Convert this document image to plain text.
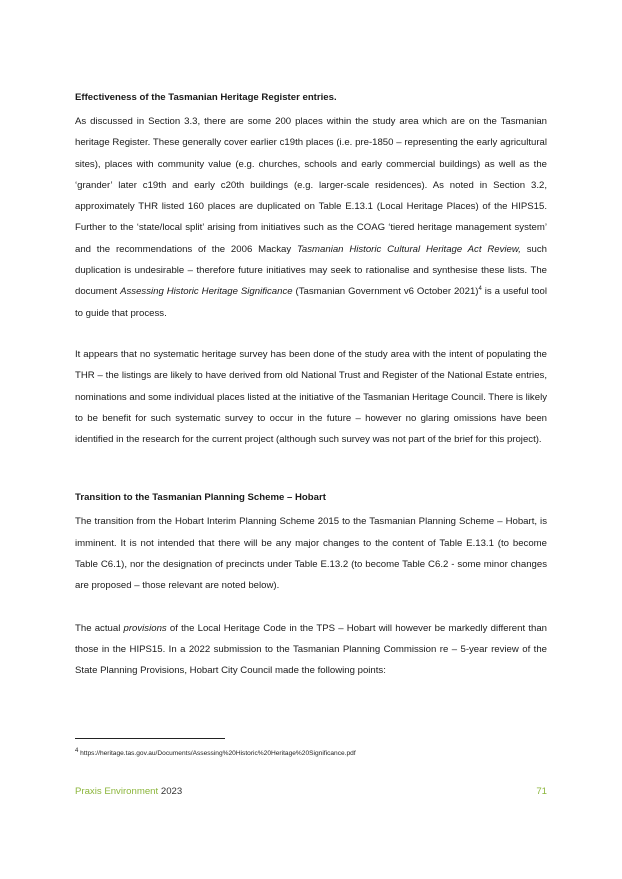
Effectiveness of the Tasmanian Heritage Register entries.

As discussed in Section 3.3, there are some 200 places within the study area which are on the Tasmanian heritage Register. These generally cover earlier c19th places (i.e. pre-1850 – representing the early agricultural sites), places with community value (e.g. churches, schools and early commercial buildings) as well as the ‘grander’ later c19th and early c20th buildings (e.g. larger-scale residences). As noted in Section 3.2, approximately THR listed 160 places are duplicated on Table E.13.1 (Local Heritage Places) of the HIPS15. Further to the ‘state/local split’ arising from initiatives such as the COAG ‘tiered heritage management system’ and the recommendations of the 2006 Mackay Tasmanian Historic Cultural Heritage Act Review, such duplication is undesirable – therefore future initiatives may seek to rationalise and synthesise these lists. The document Assessing Historic Heritage Significance (Tasmanian Government v6 October 2021)$^4$ is a useful tool to guide that process.

It appears that no systematic heritage survey has been done of the study area with the intent of populating the THR – the listings are likely to have derived from old National Trust and Register of the National Estate entries, nominations and some individual places listed at the initiative of the Tasmanian Heritage Council. There is likely to be benefit for such systematic survey to occur in the future – however no glaring omissions have been identified in the research for the current project (although such survey was not part of the brief for this project).

Transition to the Tasmanian Planning Scheme – Hobart

The transition from the Hobart Interim Planning Scheme 2015 to the Tasmanian Planning Scheme – Hobart, is imminent. It is not intended that there will be any major changes to the content of Table E.13.1 (to become Table C6.1), nor the designation of precincts under Table E.13.2 (to become Table C6.2 - some minor changes are proposed – those relevant are noted below).

The actual provisions of the Local Heritage Code in the TPS – Hobart will however be markedly different than those in the HIPS15. In a 2022 submission to the Tasmanian Planning Commission re – 5-year review of the State Planning Provisions, Hobart City Council made the following points:

$^4$ https://heritage.tas.gov.au/Documents/Assessing%20Historic%20Heritage%20Significance.pdf
Praxis Environment 2023	71
